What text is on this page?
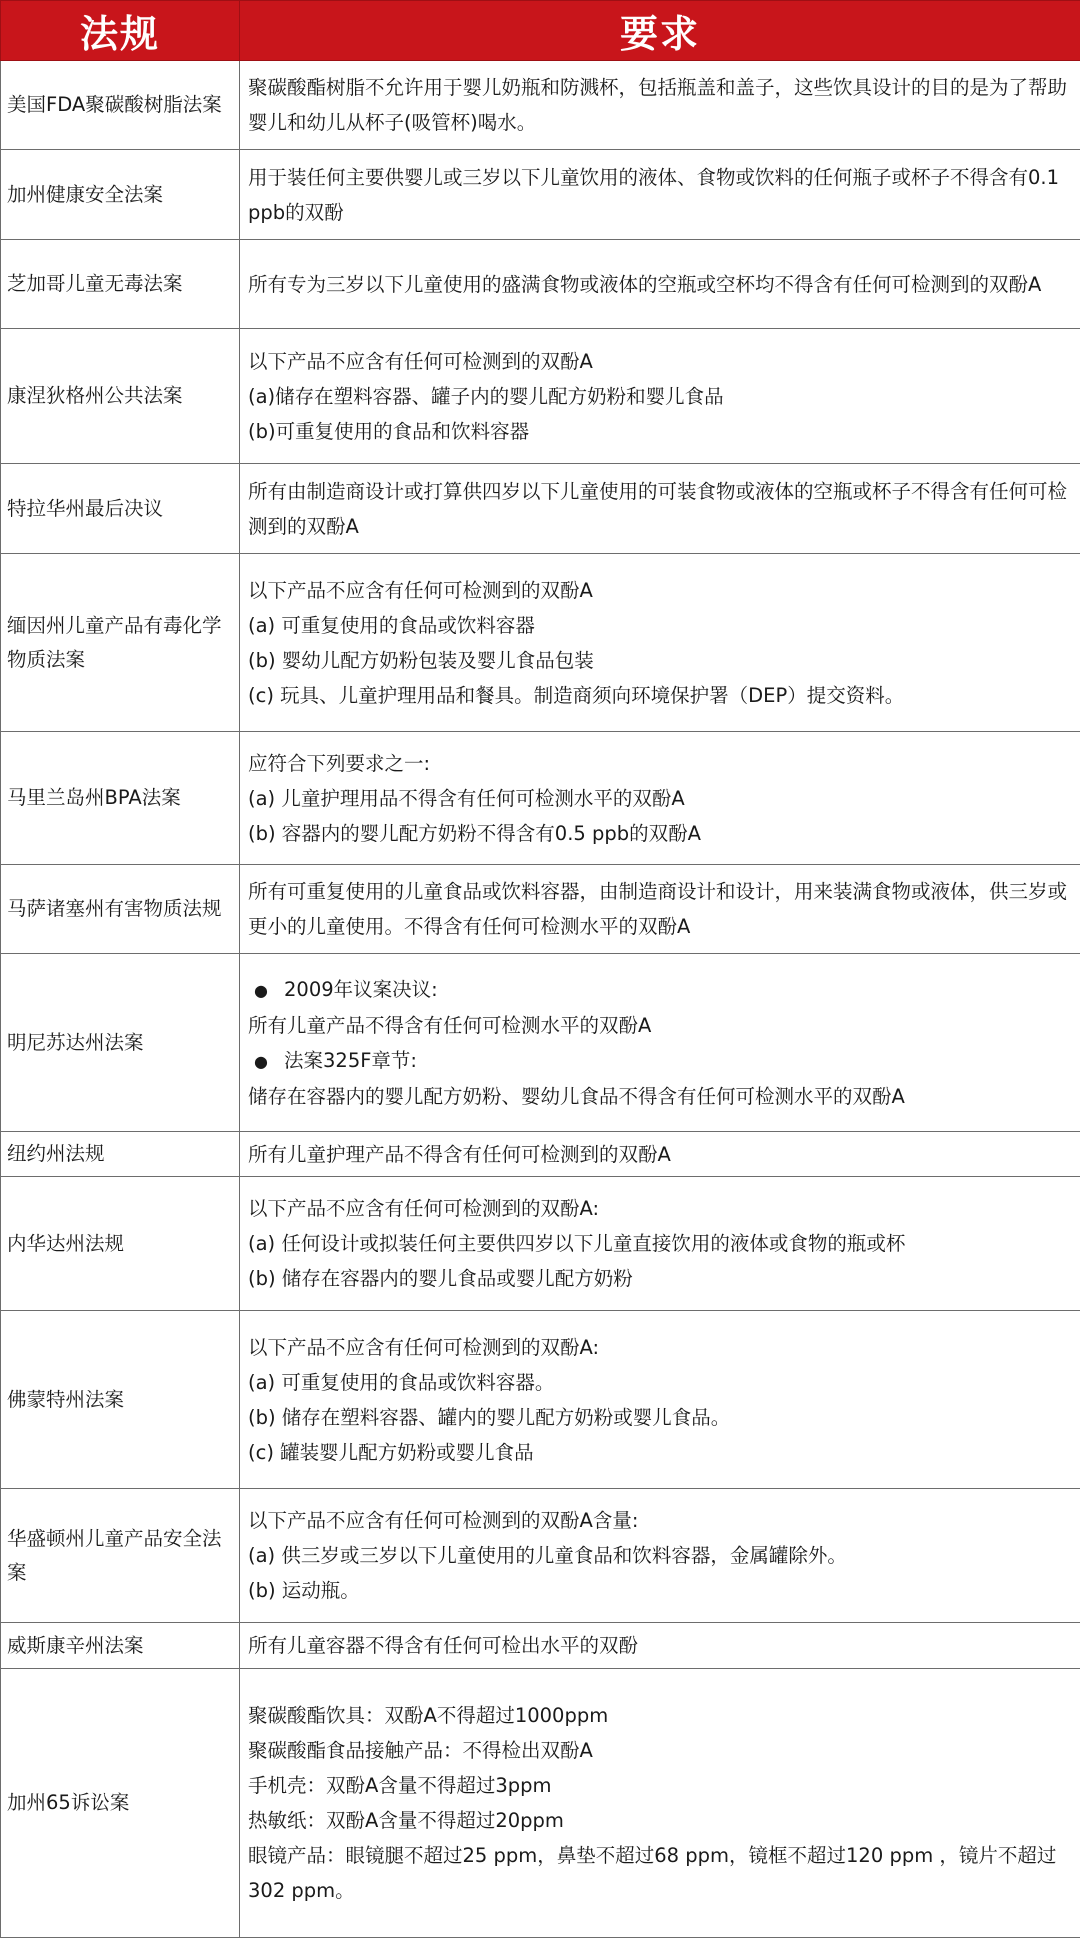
法规	要求
美国FDA聚碳酸树脂法案	聚碳酸酯树脂不允许用于婴儿奶瓶和防溅杯，包括瓶盖和盖子，这些饮具设计的目的是为了帮助婴儿和幼儿从杯子(吸管杯)喝水。

加州健康安全法案	用于装任何主要供婴儿或三岁以下儿童饮用的液体、食物或饮料的任何瓶子或杯子不得含有0.1 ppb的双酚

芝加哥儿童无毒法案	所有专为三岁以下儿童使用的盛满食物或液体的空瓶或空杯均不得含有任何可检测到的双酚A

康涅狄格州公共法案	以下产品不应含有任何可检测到的双酚A
(a)储存在塑料容器、罐子内的婴儿配方奶粉和婴儿食品
(b)可重复使用的食品和饮料容器

特拉华州最后决议	所有由制造商设计或打算供四岁以下儿童使用的可装食物或液体的空瓶或杯子不得含有任何可检测到的双酚A

缅因州儿童产品有毒化学物质法案	以下产品不应含有任何可检测到的双酚A
(a) 可重复使用的食品或饮料容器
(b) 婴幼儿配方奶粉包装及婴儿食品包装
(c) 玩具、儿童护理用品和餐具。制造商须向环境保护署（DEP）提交资料。

马里兰岛州BPA法案	应符合下列要求之一:
(a) 儿童护理用品不得含有任何可检测水平的双酚A
(b) 容器内的婴儿配方奶粉不得含有0.5 ppb的双酚A

马萨诸塞州有害物质法规	所有可重复使用的儿童食品或饮料容器，由制造商设计和设计，用来装满食物或液体，供三岁或更小的儿童使用。不得含有任何可检测水平的双酚A

明尼苏达州法案	● 2009年议案决议:
所有儿童产品不得含有任何可检测水平的双酚A
● 法案325F章节:
储存在容器内的婴儿配方奶粉、婴幼儿食品不得含有任何可检测水平的双酚A

纽约州法规	所有儿童护理产品不得含有任何可检测到的双酚A

内华达州法规	以下产品不应含有任何可检测到的双酚A:
(a) 任何设计或拟装任何主要供四岁以下儿童直接饮用的液体或食物的瓶或杯
(b) 储存在容器内的婴儿食品或婴儿配方奶粉

佛蒙特州法案	以下产品不应含有任何可检测到的双酚A:
(a) 可重复使用的食品或饮料容器。
(b) 储存在塑料容器、罐内的婴儿配方奶粉或婴儿食品。
(c) 罐装婴儿配方奶粉或婴儿食品

华盛顿州儿童产品安全法案	以下产品不应含有任何可检测到的双酚A含量:
(a) 供三岁或三岁以下儿童使用的儿童食品和饮料容器，金属罐除外。
(b) 运动瓶。

威斯康辛州法案	所有儿童容器不得含有任何可检出水平的双酚

加州65诉讼案	聚碳酸酯饮具：双酚A不得超过1000ppm
聚碳酸酯食品接触产品：不得检出双酚A
手机壳：双酚A含量不得超过3ppm
热敏纸：双酚A含量不得超过20ppm
眼镜产品：眼镜腿不超过25 ppm，鼻垫不超过68 ppm，镜框不超过120 ppm ，镜片不超过302 ppm。
